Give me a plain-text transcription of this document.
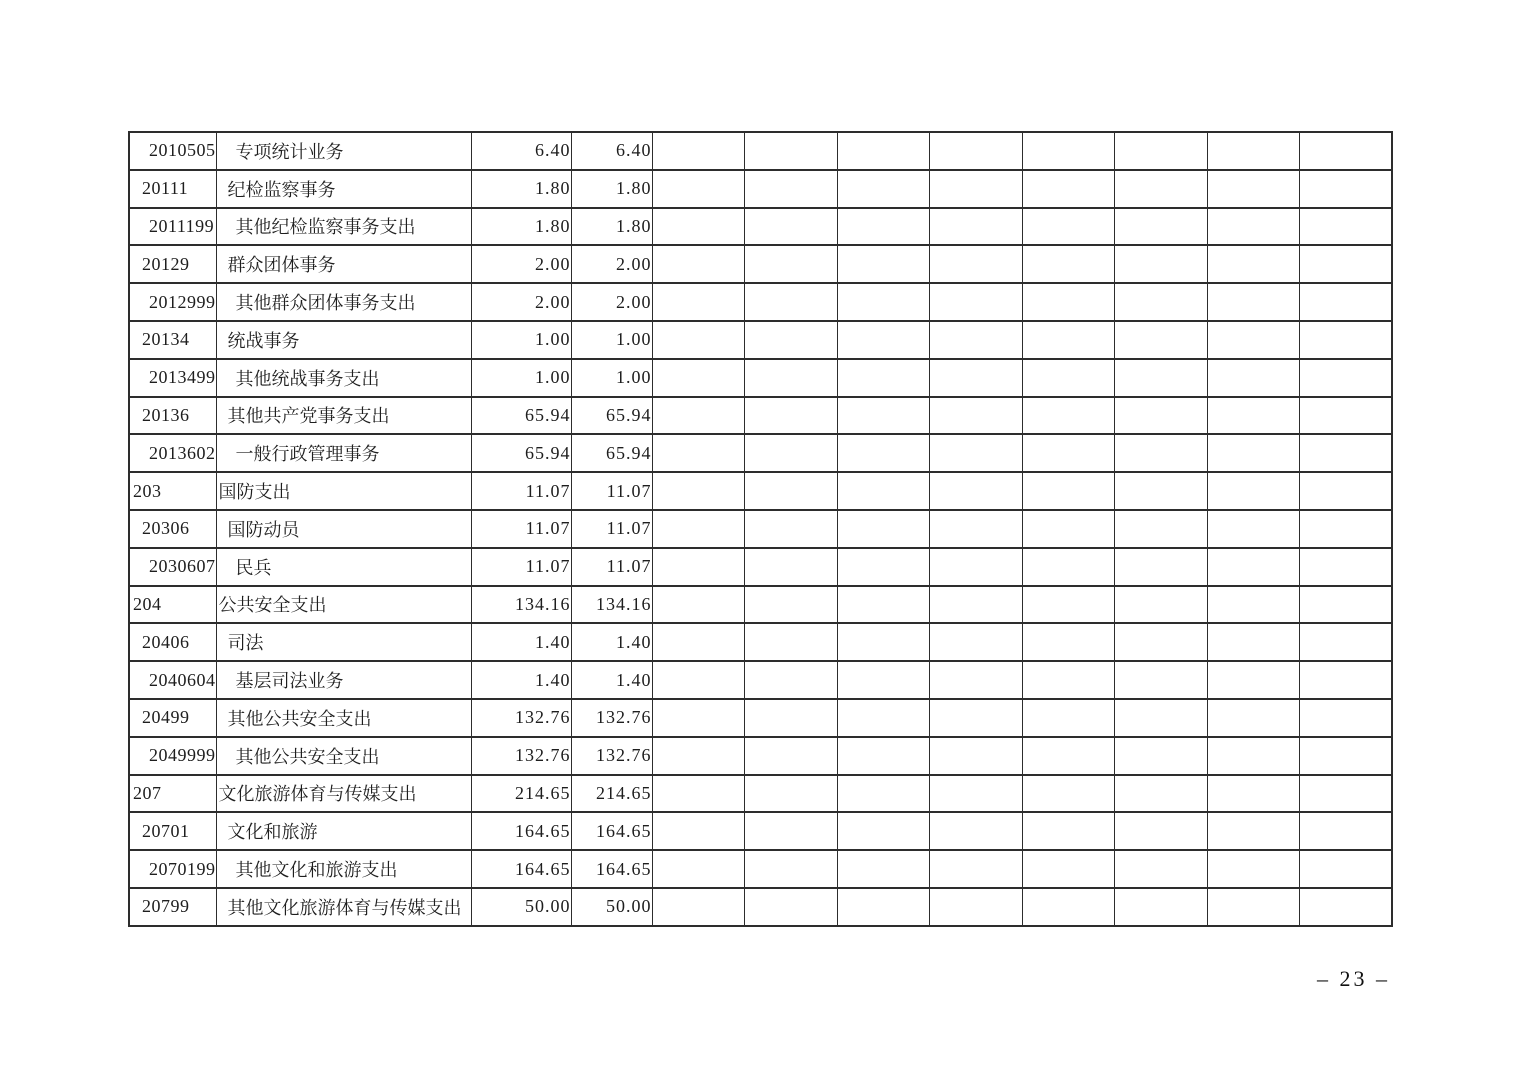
2010505	专项统计业务	6.40	6.40								
20111	纪检监察事务	1.80	1.80								
2011199	其他纪检监察事务支出	1.80	1.80								
20129	群众团体事务	2.00	2.00								
2012999	其他群众团体事务支出	2.00	2.00								
20134	统战事务	1.00	1.00								
2013499	其他统战事务支出	1.00	1.00								
20136	其他共产党事务支出	65.94	65.94								
2013602	一般行政管理事务	65.94	65.94								
203	国防支出	11.07	11.07								
20306	国防动员	11.07	11.07								
2030607	民兵	11.07	11.07								
204	公共安全支出	134.16	134.16								
20406	司法	1.40	1.40								
2040604	基层司法业务	1.40	1.40								
20499	其他公共安全支出	132.76	132.76								
2049999	其他公共安全支出	132.76	132.76								
207	文化旅游体育与传媒支出	214.65	214.65								
20701	文化和旅游	164.65	164.65								
2070199	其他文化和旅游支出	164.65	164.65								
20799	其他文化旅游体育与传媒支出	50.00	50.00								
– 23 –
